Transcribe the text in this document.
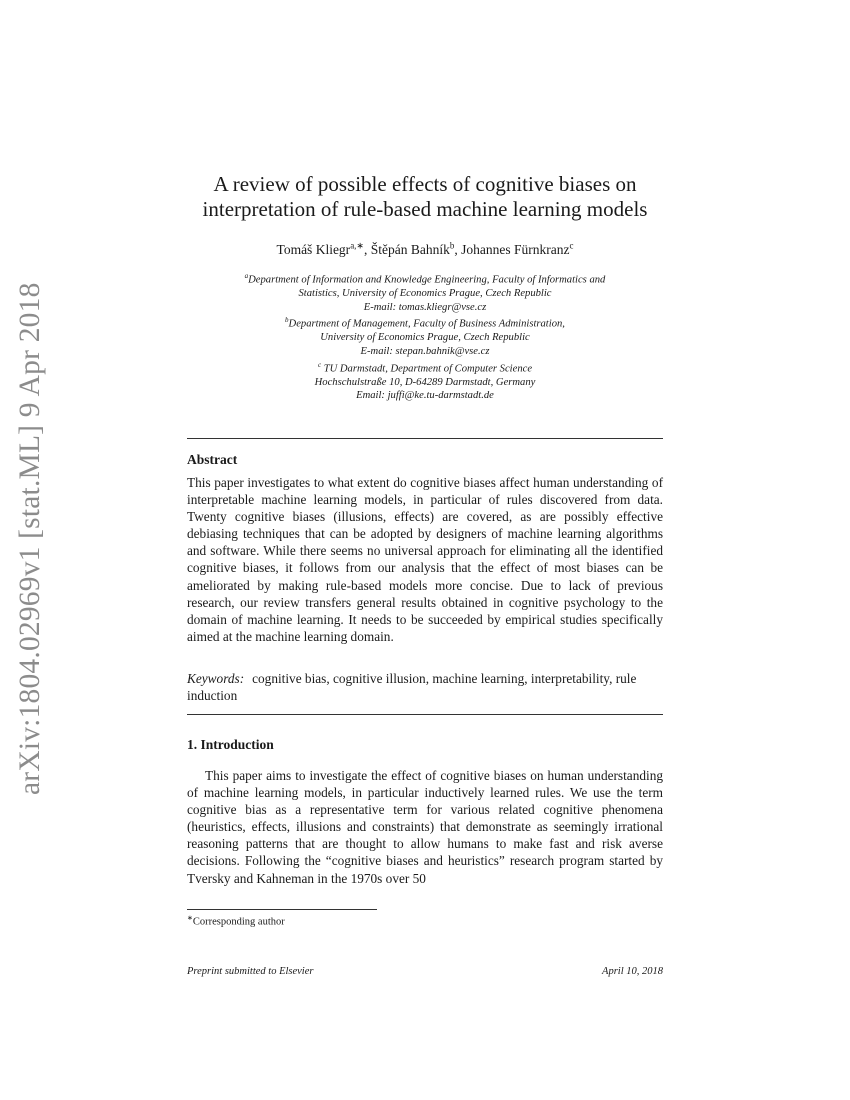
arXiv:1804.02969v1 [stat.ML] 9 Apr 2018
A review of possible effects of cognitive biases on
interpretation of rule-based machine learning models
Tomáš Kliegr$^{a,∗}$, Štěpán Bahník$^b$, Johannes Fürnkranz$^c$
$^a$Department of Information and Knowledge Engineering, Faculty of Informatics and
Statistics, University of Economics Prague, Czech Republic
E-mail: tomas.kliegr@vse.cz
$^b$Department of Management, Faculty of Business Administration,
University of Economics Prague, Czech Republic
E-mail: stepan.bahnik@vse.cz
$^c$ TU Darmstadt, Department of Computer Science
Hochschulstraße 10, D-64289 Darmstadt, Germany
Email: juffi@ke.tu-darmstadt.de
Abstract
This paper investigates to what extent do cognitive biases affect human understanding of interpretable machine learning models, in particular of rules discovered from data. Twenty cognitive biases (illusions, effects) are covered, as are possibly effective debiasing techniques that can be adopted by designers of machine learning algorithms and software. While there seems no universal approach for eliminating all the identified cognitive biases, it follows from our analysis that the effect of most biases can be ameliorated by making rule-based models more concise. Due to lack of previous research, our review transfers general results obtained in cognitive psychology to the domain of machine learning. It needs to be succeeded by empirical studies specifically aimed at the machine learning domain.
Keywords: cognitive bias, cognitive illusion, machine learning, interpretability, rule induction
1. Introduction
This paper aims to investigate the effect of cognitive biases on human understanding of machine learning models, in particular inductively learned rules. We use the term cognitive bias as a representative term for various related cognitive phenomena (heuristics, effects, illusions and constraints) that demonstrate as seemingly irrational reasoning patterns that are thought to allow humans to make fast and risk averse decisions. Following the “cognitive biases and heuristics” research program started by Tversky and Kahneman in the 1970s over 50
∗Corresponding author
Preprint submitted to Elsevier	April 10, 2018
